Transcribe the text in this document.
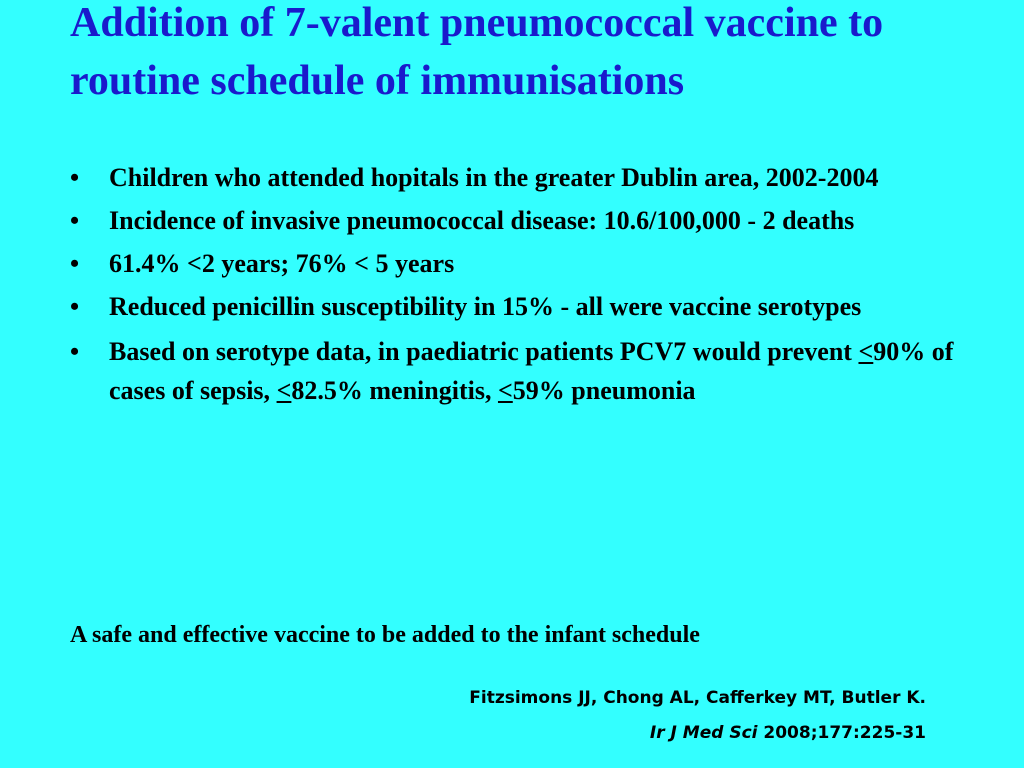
Addition of 7-valent pneumococcal vaccine to routine schedule of immunisations
• Children who attended hopitals in the greater Dublin area, 2002-2004
• Incidence of invasive pneumococcal disease: 10.6/100,000 - 2 deaths
• 61.4% <2 years; 76% < 5 years
• Reduced penicillin susceptibility in 15% - all were vaccine serotypes
• Based on serotype data, in paediatric patients PCV7 would prevent <90% of cases of sepsis, <82.5% meningitis, <59% pneumonia

A safe and effective vaccine to be added to the infant schedule

Fitzsimons JJ, Chong AL, Cafferkey MT, Butler K.

Ir J Med Sci 2008;177:225-31
